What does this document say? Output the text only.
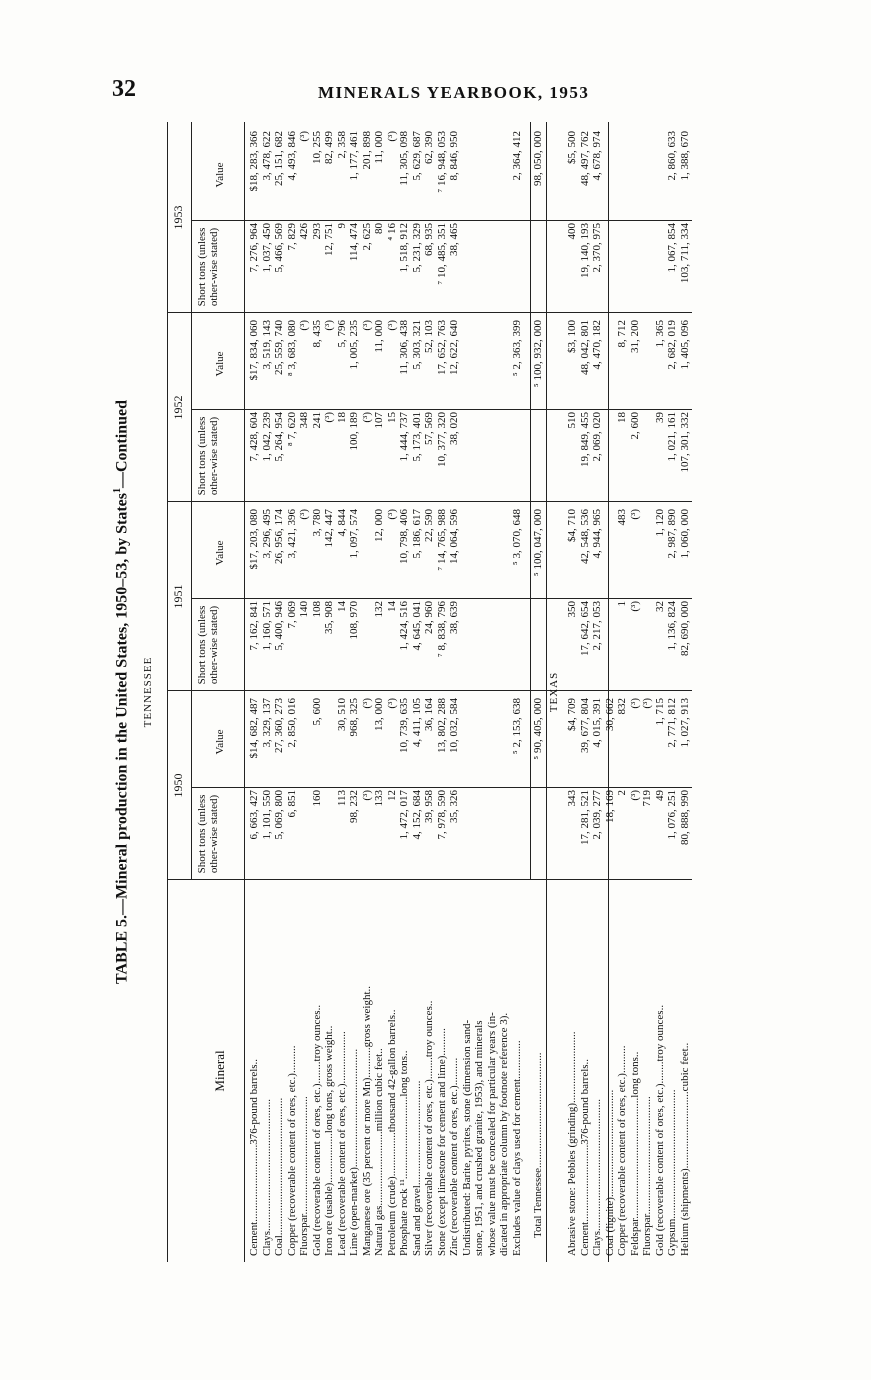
32	MINERALS YEARBOOK, 1953
TABLE 5.—Mineral production in the United States, 1950–53, by States$^1$—Continued
TENNESSEE
Mineral
1950
1951
1952
1953
Short tons (unless other-wise stated)
Value
Short tons (unless other-wise stated)
Value
Short tons (unless other-wise stated)
Value
Short tons (unless other-wise stated)
Value
Cement............................376-pound barrels..
6, 663, 427
$14, 682, 487
7, 162, 841
$17, 203, 080
7, 428, 604
$17, 834, 060
7, 276, 964
$18, 283, 366
Clays................................................
1, 101, 550
3, 329, 137
1, 160, 571
3, 296, 495
1, 042, 239
3, 519, 143
1, 037, 450
3, 478, 622
Coal..................................................
5, 069, 800
27, 360, 273
5, 400, 946
26, 956, 174
5, 264, 954
25, 559, 740
5, 466, 569
25, 151, 682
Copper (recoverable content of ores, etc.)..........
6, 851
2, 850, 016
7, 069
3, 421, 396
⁸ 7, 620
⁸ 3, 683, 080
7, 829
4, 493, 846
Fluorspar...........................................
140
(³)
348
(³)
426
(³)
Gold (recoverable content of ores, etc.)........troy ounces..
160
5, 600
108
3, 780
241
8, 435
293
10, 255
Iron ore (usable)..................long tons, gross weight..
35, 908
142, 447
(³)
(³)
12, 751
82, 499
Lead (recoverable content of ores, etc.)...................
113
30, 510
14
4, 844
18
5, 796
9
2, 358
Lime (open-market)...........................................
98, 232
968, 325
108, 970
1, 097, 574
100, 189
1, 005, 235
114, 474
1, 177, 461
Manganese ore (35 percent or more Mn)...........gross weight..
(³)
(³)
(³)
(³)
2, 625
201, 898
Natural gas...........................million cubic feet..
133
13, 000
132
12, 000
107
11, 000
80
11, 000
Petroleum (crude)................thousand 42-gallon barrels..
12
(³)
14
(³)
15
(³)
⁴ 16
(³)
Phosphate rock ¹¹..............................long tons..
1, 472, 017
10, 739, 635
1, 424, 516
10, 798, 406
1, 444, 737
11, 306, 438
1, 518, 912
11, 305, 098
Sand and gravel......................................
4, 152, 684
4, 411, 105
4, 645, 041
5, 186, 617
5, 173, 401
5, 303, 321
5, 231, 329
5, 629, 687
Silver (recoverable content of ores, etc.)........troy ounces..
39, 958
36, 164
24, 960
22, 590
57, 569
52, 103
68, 935
62, 390
Stone (except limestone for cement and lime)..........
7, 978, 590
13, 802, 288
⁷ 8, 838, 796
⁷ 14, 765, 988
10, 377, 320
17, 652, 763
⁷ 10, 485, 351
⁷ 16, 948, 053
Zinc (recoverable content of ores, etc.)..........
35, 326
10, 032, 584
38, 639
14, 064, 596
38, 020
12, 622, 640
38, 465
8, 846, 950
Undistributed: Barite, pyrites, stone (dimension sand- stone, 1951, and crushed granite, 1953), and minerals whose value must be concealed for particular years (in- dicated in appropriate column by footnote reference 3). Excludes value of clays used for cement..............
⁵ 2, 153, 638
⁵ 3, 070, 648
⁵ 2, 363, 399
2, 364, 412
Total Tennessee..........................................
⁵ 90, 405, 000
⁵ 100, 047, 000
⁵ 100, 932, 000
98, 050, 000
TEXAS
Abrasive stone: Pebbles (grinding)..........................
343
$4, 709
350
$4, 710
510
$3, 100
400
$5, 500
Cement............................376-pound barrels..
17, 281, 521
39, 677, 804
17, 642, 654
42, 548, 536
19, 849, 455
48, 042, 801
19, 140, 193
48, 497, 762
Clays................................................
2, 039, 277
4, 015, 391
2, 217, 053
4, 944, 965
2, 069, 020
4, 470, 182
2, 370, 975
4, 678, 974
Coal (lignite).......................................
18, 169
30, 662
Copper (recoverable content of ores, etc.)..........
2
832
1
483
18
8, 712
Feldspar............................................long tons..
(³)
(³)
(³)
(³)
2, 600
31, 200
Fluorspar...........................................
719
(³)
Gold (recoverable content of ores, etc.)........troy ounces..
49
1, 715
32
1, 120
39
1, 365
Gypsum...............................................
1, 076, 251
2, 771, 812
1, 136, 824
2, 987, 890
1, 021, 161
2, 682, 019
1, 067, 854
2, 860, 633
Helium (shipments)............................cubic feet..
80, 888, 990
1, 027, 913
82, 690, 000
1, 060, 000
107, 301, 332
1, 405, 096
103, 711, 334
1, 388, 670
